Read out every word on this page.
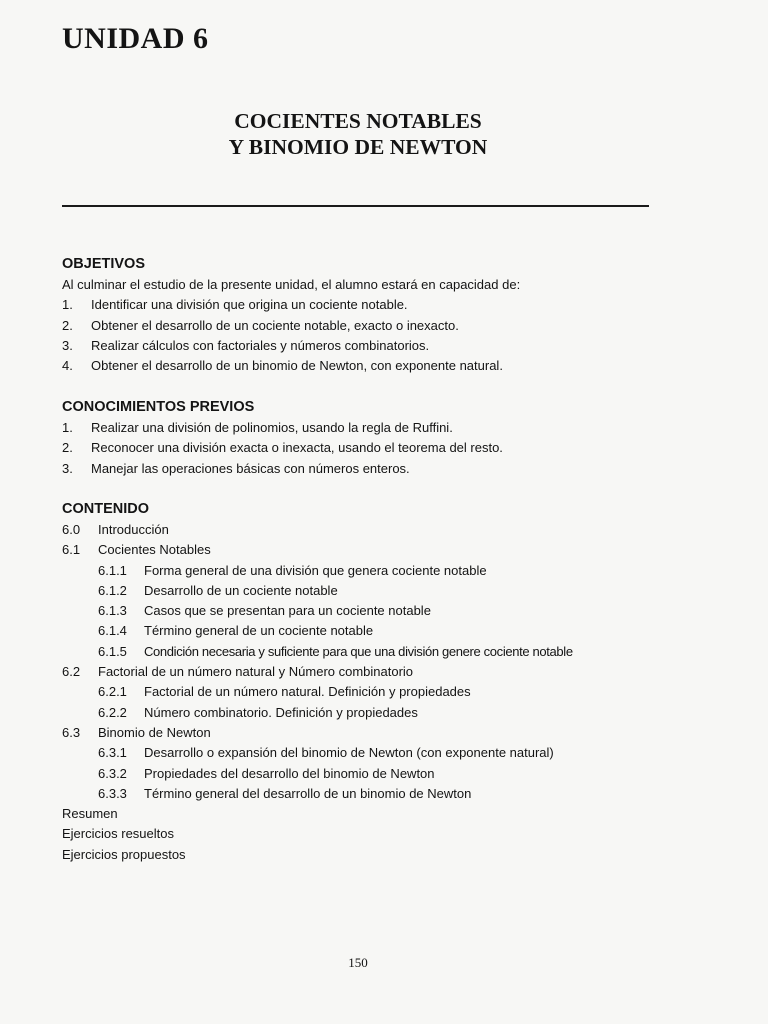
UNIDAD 6
COCIENTES NOTABLES
Y BINOMIO DE NEWTON
OBJETIVOS
Al culminar el estudio de la presente unidad, el alumno estará en capacidad de:
1. Identificar una división que origina un cociente notable.
2. Obtener el desarrollo de un cociente notable, exacto o inexacto.
3. Realizar cálculos con factoriales y números combinatorios.
4. Obtener el desarrollo de un binomio de Newton, con exponente natural.
CONOCIMIENTOS PREVIOS
1. Realizar una división de polinomios, usando la regla de Ruffini.
2. Reconocer una división exacta o inexacta, usando el teorema del resto.
3. Manejar las operaciones básicas con números enteros.
CONTENIDO
6.0 Introducción
6.1 Cocientes Notables
6.1.1 Forma general de una división que genera cociente notable
6.1.2 Desarrollo de un cociente notable
6.1.3 Casos que se presentan para un cociente notable
6.1.4 Término general de un cociente notable
6.1.5 Condición necesaria y suficiente para que una división genere cociente notable
6.2 Factorial de un número natural y Número combinatorio
6.2.1 Factorial de un número natural. Definición y propiedades
6.2.2 Número combinatorio. Definición y propiedades
6.3 Binomio de Newton
6.3.1 Desarrollo o expansión del binomio de Newton (con exponente natural)
6.3.2 Propiedades del desarrollo del binomio de Newton
6.3.3 Término general del desarrollo de un binomio de Newton
Resumen
Ejercicios resueltos
Ejercicios propuestos
150
